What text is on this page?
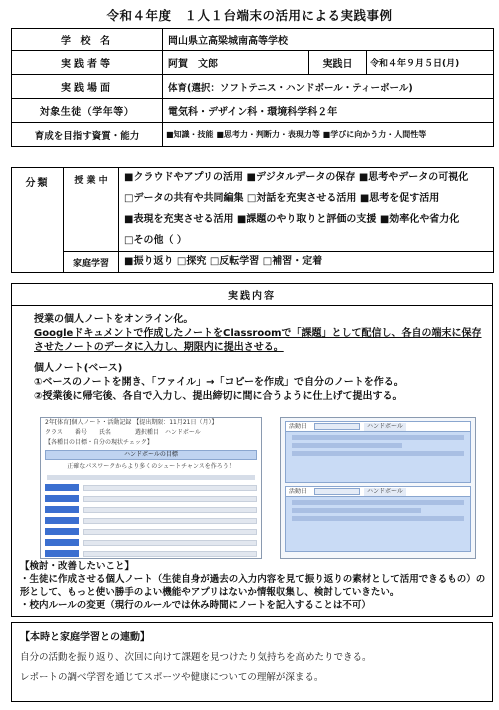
令和４年度　１人１台端末の活用による実践事例
学 校 名	岡山県立高梁城南高等学校		
実践者等	阿賀　文郎	実践日	令和４年９月５日(月)
実践場面	体育(選択：ソフトテニス・ハンドボール・ティーボール)		
対象生徒（学年等）	電気科・デザイン科・環境科学科２年		
育成を目指す資質・能力	■知識・技能 ■思考力・判断力・表現力等 ■学びに向かう力・人間性等		
分類	授 業 中	■クラウドやアプリの活用 ■デジタルデータの保存 ■思考やデータの可視化
		□データの共有や共同編集 □対話を充実させる活用 ■思考を促す活用
		■表現を充実させる活用 ■課題のやり取りと評価の支援 ■効率化や省力化
		□その他（ ）
	家庭学習	■振り返り □探究 □反転学習 □補習・定着
実践内容
授業の個人ノートをオンライン化。
Googleドキュメントで作成したノートをClassroomで「課題」として配信し、各自の端末に保存させたノートのデータに入力し、期限内に提出させる。
個人ノート(ベース)
①ベースのノートを開き、「ファイル」→「コピーを作成」で自分のノートを作る。
②授業後に帰宅後、各自で入力し、提出締切に間に合うように仕上げて提出する。
2年[体育]個人ノート・活動記録 【提出期限：11月21日（月）】
クラス　　番号　　氏名　　　　選択種目　ハンドボール
【各種目の目標・自分の現状チェック】
ハンドボールの目標
正確なパスワークからより多くのシュートチャンスを作ろう！
活動日	ハンドボール
活動日	ハンドボール
【検討・改善したいこと】
・生徒に作成させる個人ノート（生徒自身が過去の入力内容を見て振り返りの素材として活用できるもの）の形として、もっと使い勝手のよい機能やアプリはないか情報収集し、検討していきたい。
・校内ルールの変更（現行のルールでは休み時間にノートを記入することは不可）
【本時と家庭学習との連動】
自分の活動を振り返り、次回に向けて課題を見つけたり気持ちを高めたりできる。
レポートの調べ学習を通じてスポーツや健康についての理解が深まる。
